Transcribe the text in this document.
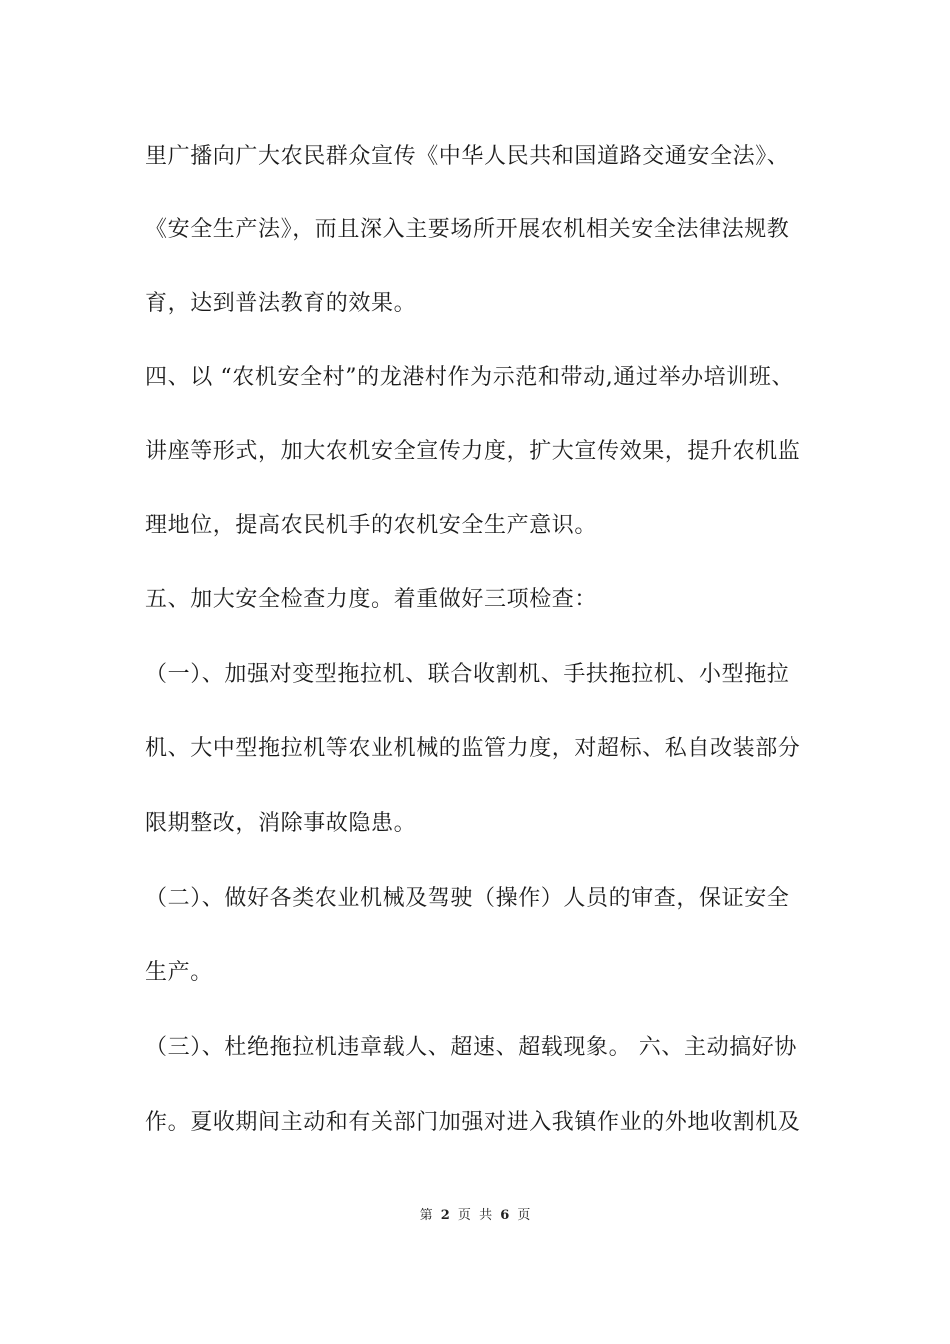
里广播向广大农民群众宣传《中华人民共和国道路交通安全法》、
《安全生产法》，而且深入主要场所开展农机相关安全法律法规教
育，达到普法教育的效果。
四、以 “农机安全村”的龙港村作为示范和带动,通过举办培训班、
讲座等形式，加大农机安全宣传力度，扩大宣传效果，提升农机监
理地位，提高农民机手的农机安全生产意识。
五、加大安全检查力度。着重做好三项检查：
（一）、加强对变型拖拉机、联合收割机、手扶拖拉机、小型拖拉
机、大中型拖拉机等农业机械的监管力度，对超标、私自改装部分
限期整改，消除事故隐患。
（二）、做好各类农业机械及驾驶（操作）人员的审查，保证安全
生产。
（三）、杜绝拖拉机违章载人、超速、超载现象。 六、主动搞好协
作。夏收期间主动和有关部门加强对进入我镇作业的外地收割机及
第 2 页 共 6 页
